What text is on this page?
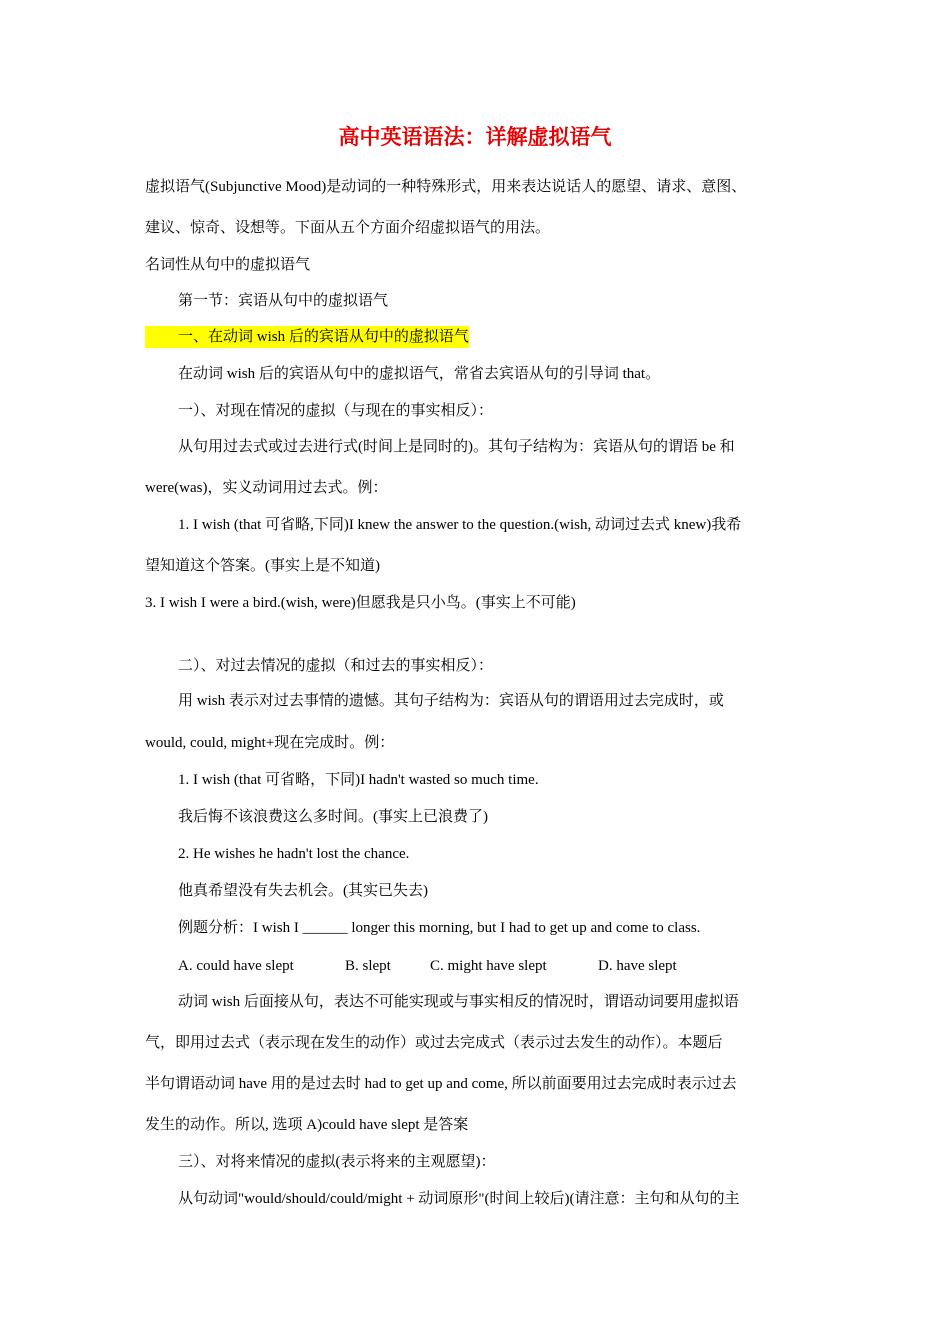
高中英语语法：详解虚拟语气
虚拟语气(Subjunctive Mood)是动词的一种特殊形式，用来表达说话人的愿望、请求、意图、
建议、惊奇、设想等。下面从五个方面介绍虚拟语气的用法。
名词性从句中的虚拟语气
第一节：宾语从句中的虚拟语气
一、在动词 wish 后的宾语从句中的虚拟语气
在动词 wish 后的宾语从句中的虚拟语气，常省去宾语从句的引导词 that。
一）、对现在情况的虚拟（与现在的事实相反）：
从句用过去式或过去进行式(时间上是同时的)。其句子结构为：宾语从句的谓语 be 和
were(was)，实义动词用过去式。例：
1. I wish (that 可省略,下同)I knew the answer to the question.(wish, 动词过去式 knew)我希
望知道这个答案。(事实上是不知道)
3. I wish I were a bird.(wish, were)但愿我是只小鸟。(事实上不可能)
二）、对过去情况的虚拟（和过去的事实相反）：
用 wish 表示对过去事情的遗憾。其句子结构为：宾语从句的谓语用过去完成时，或
would, could, might+现在完成时。例：
1. I wish (that 可省略，下同)I hadn't wasted so much time.
我后悔不该浪费这么多时间。(事实上已浪费了)
2. He wishes he hadn't lost the chance.
他真希望没有失去机会。(其实已失去)
例题分析：I wish I ______ longer this morning, but I had to get up and come to class.
A. could have slept	B. slept	C. might have slept	D. have slept
动词 wish 后面接从句，表达不可能实现或与事实相反的情况时，谓语动词要用虚拟语
气，即用过去式（表示现在发生的动作）或过去完成式（表示过去发生的动作）。本题后
半句谓语动词 have 用的是过去时 had to get up and come, 所以前面要用过去完成时表示过去
发生的动作。所以, 选项 A)could have slept 是答案
三）、对将来情况的虚拟(表示将来的主观愿望)：
从句动词"would/should/could/might + 动词原形"(时间上较后)(请注意：主句和从句的主
